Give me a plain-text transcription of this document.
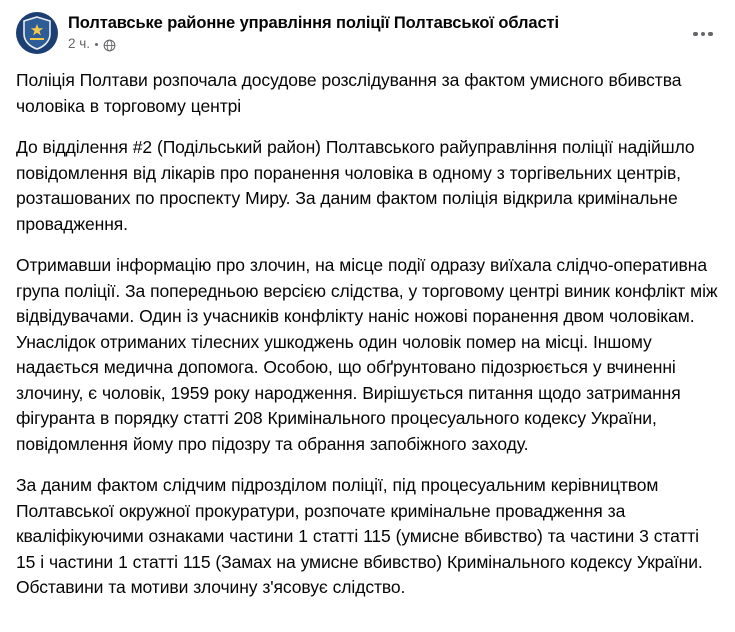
Полтавське районне управління поліції Полтавської області
2 ч.

Поліція Полтави розпочала досудове розслідування за фактом умисного вбивства чоловіка в торговому центрі

До відділення #2 (Подільський район) Полтавського райуправління поліції надійшло повідомлення від лікарів про поранення чоловіка в одному з торгівельних центрів, розташованих по проспекту Миру. За даним фактом поліція відкрила кримінальне провадження.

Отримавши інформацію про злочин, на місце події одразу виїхала слідчо-оперативна група поліції. За попередньою версією слідства, у торговому центрі виник конфлікт між відвідувачами. Один із учасників конфлікту наніс ножові поранення двом чоловікам. Унаслідок отриманих тілесних ушкоджень один чоловік помер на місці. Іншому надається медична допомога. Особою, що обґрунтовано підозрюється у вчиненні злочину, є чоловік, 1959 року народження. Вирішується питання щодо затримання фігуранта в порядку статті 208 Кримінального процесуального кодексу України, повідомлення йому про підозру та обрання запобіжного заходу.

За даним фактом слідчим підрозділом поліції, під процесуальним керівництвом Полтавської окружної прокуратури, розпочате кримінальне провадження за кваліфікуючими ознаками частини 1 статті 115 (умисне вбивство) та частини 3 статті 15 і частини 1 статті 115 (Замах на умисне вбивство) Кримінального кодексу України. Обставини та мотиви злочину з'ясовує слідство.
